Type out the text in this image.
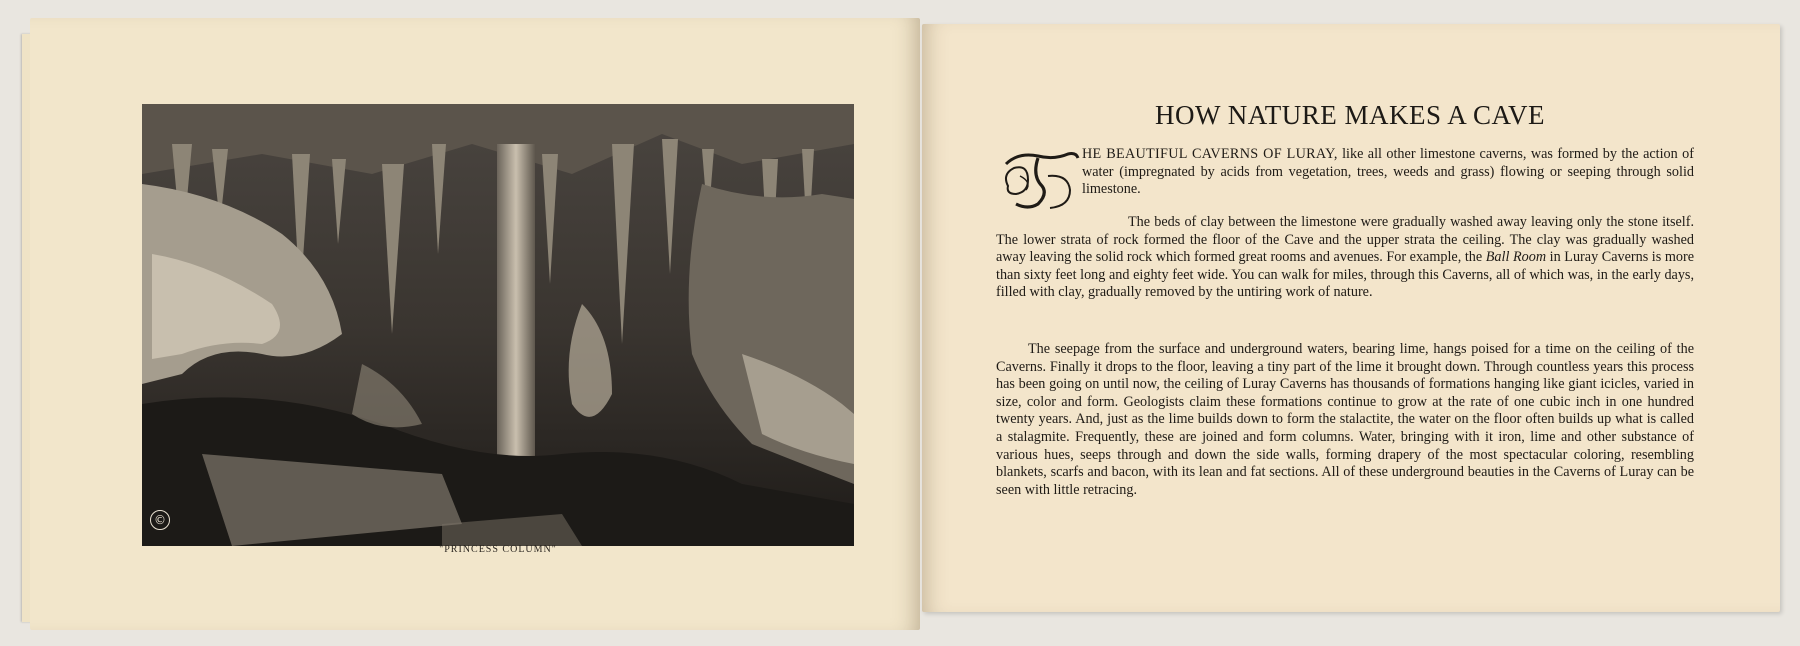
©
"PRINCESS COLUMN"
HOW NATURE MAKES A CAVE
HE BEAUTIFUL CAVERNS OF LURAY, like all other limestone caverns, was formed by the action of water (impregnated by acids from vegetation, trees, weeds and grass) flowing or seeping through solid limestone.
The beds of clay between the limestone were gradually washed away leaving only the stone itself. The lower strata of rock formed the floor of the Cave and the upper strata the ceiling. The clay was gradually washed away leaving the solid rock which formed great rooms and avenues. For example, the Ball Room in Luray Caverns is more than sixty feet long and eighty feet wide. You can walk for miles, through this Caverns, all of which was, in the early days, filled with clay, gradually removed by the untiring work of nature.
The seepage from the surface and underground waters, bearing lime, hangs poised for a time on the ceiling of the Caverns. Finally it drops to the floor, leaving a tiny part of the lime it brought down. Through countless years this process has been going on until now, the ceiling of Luray Caverns has thousands of formations hanging like giant icicles, varied in size, color and form. Geologists claim these formations continue to grow at the rate of one cubic inch in one hundred twenty years. And, just as the lime builds down to form the stalactite, the water on the floor often builds up what is called a stalagmite. Frequently, these are joined and form columns. Water, bringing with it iron, lime and other substance of various hues, seeps through and down the side walls, forming drapery of the most spectacular coloring, resembling blankets, scarfs and bacon, with its lean and fat sections. All of these underground beauties in the Caverns of Luray can be seen with little retracing.
